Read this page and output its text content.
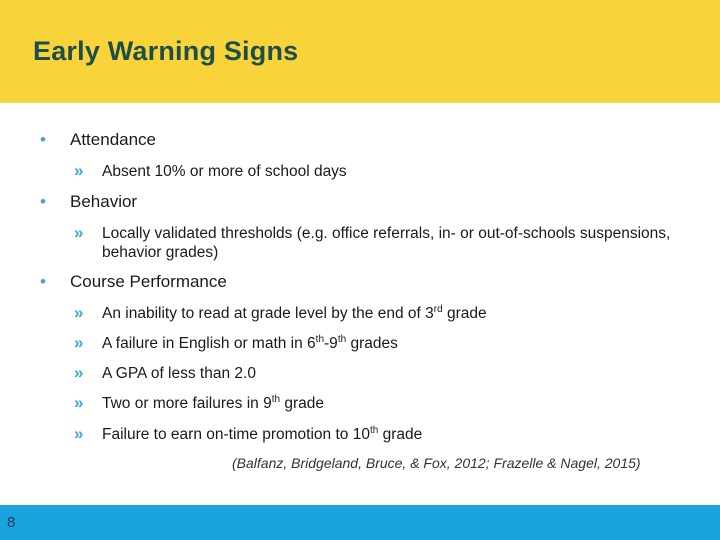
Early Warning Signs
• Attendance
» Absent 10% or more of school days
• Behavior
» Locally validated thresholds (e.g. office referrals, in- or out-of-schools suspensions, behavior grades)
• Course Performance
» An inability to read at grade level by the end of 3rd grade
» A failure in English or math in 6th-9th grades
» A GPA of less than 2.0
» Two or more failures in 9th grade
» Failure to earn on-time promotion to 10th grade
(Balfanz, Bridgeland, Bruce, & Fox, 2012; Frazelle & Nagel, 2015)
8
